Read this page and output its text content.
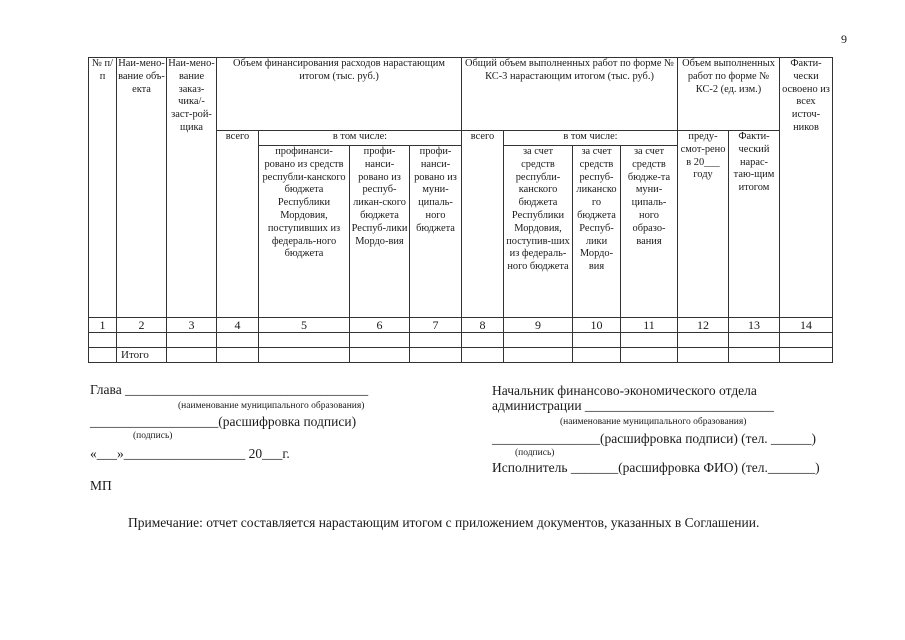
9
№ п/п	Наи-мено-вание объ-екта	Наи-мено-вание заказ-чика/-заст-рой-щика	Объем финансирования расходов нарастающим итогом (тыс. руб.)				Общий объем выполненных работ по форме № КС-3 нарастающим итогом (тыс. руб.)				Объем выполненных работ по форме № КС-2 (ед. изм.)		Факти-чески освоено из всех источ-ников
			всего	в том числе:			всего	в том числе:			преду-смот-рено в 20___ году	Факти-ческий нарас-таю-щим итогом	
				профинанси-ровано из средств республи-канского бюджета Республики Мордовия, поступивших из федераль-ного бюджета	профи-нанси-ровано из респуб-ликан-ского бюджета Респуб-лики Мордо-вия	профи-нанси-ровано из муни-ципаль-ного бюджета		за счет средств республи-канского бюджета Республики Мордовия, поступив-ших из федераль-ного бюджета	за счет средств респуб-ликанско го бюджета Респуб-лики Мордо-вия	за счет средств бюдже-та муни-ципаль-ного образо-вания			
1	2	3	4	5	6	7	8	9	10	11	12	13	14

	Итого												
Глава ____________________________________
(наименование муниципального образования)
___________________(расшифровка подписи)
(подпись)
«___»__________________ 20___г.
МП
Начальник финансово-экономического отдела
администрации ____________________________
(наименование муниципального образования)
________________(расшифровка подписи) (тел. ______)
(подпись)
Исполнитель _______(расшифровка ФИО) (тел._______)
Примечание: отчет составляется нарастающим итогом с приложением документов, указанных в Соглашении.
